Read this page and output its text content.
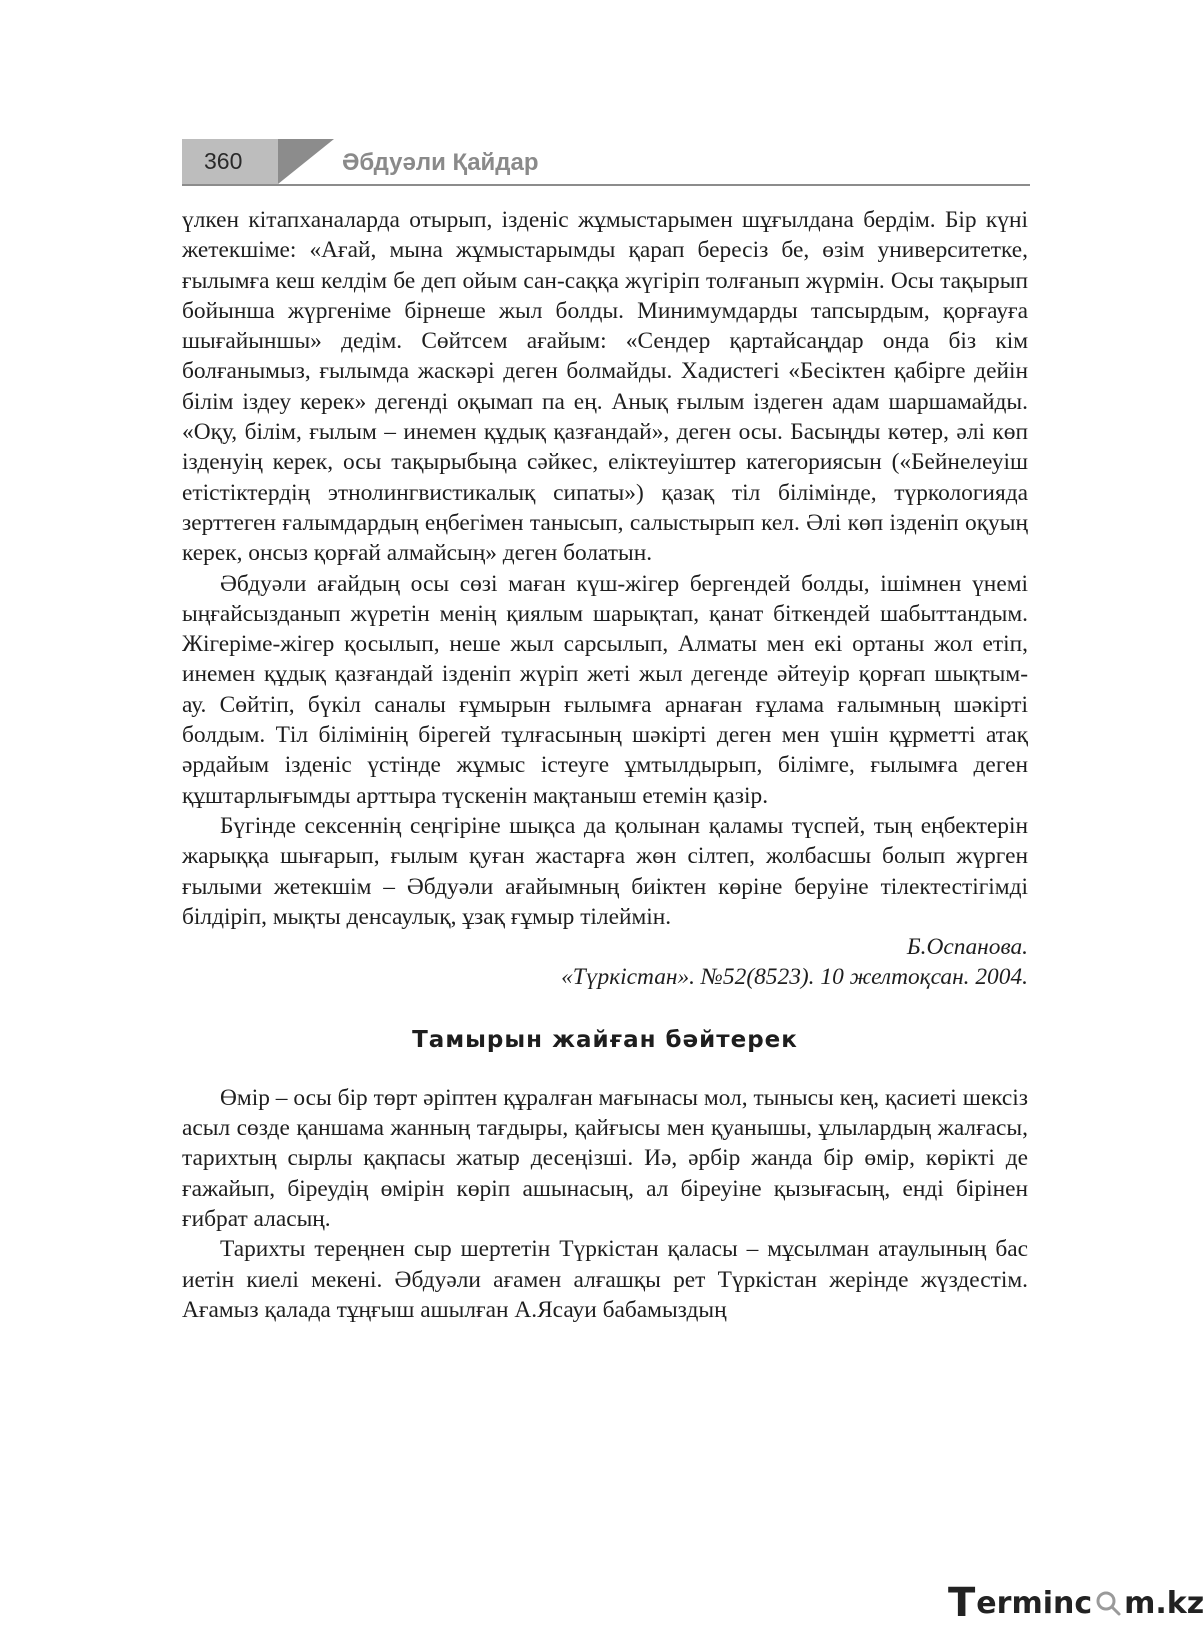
360	Әбдуәли Қайдар

үлкен кітапханаларда отырып, ізденіс жұмыстарымен шұғылдана бердім. Бір күні жетекшіме: «Ағай, мына жұмыстарымды қарап бересіз бе, өзім университетке, ғылымға кеш келдім бе деп ойым сан-саққа жүгіріп толғанып жүрмін. Осы тақырып бойынша жүргеніме бірнеше жыл болды. Минимумдарды тапсырдым, қорғауға шығайыншы» дедім. Сөйтсем ағайым: «Сендер қартайсаңдар онда біз кім болғанымыз, ғылымда жаскәрі деген болмайды. Хадистегі «Бесіктен қабірге дейін білім іздеу керек» дегенді оқымап па ең. Анық ғылым іздеген адам шаршамайды. «Оқу, білім, ғылым – инемен құдық қазғандай», деген осы. Басыңды көтер, әлі көп ізденуің керек, осы тақырыбыңа сәйкес, еліктеуіштер категориясын («Бейнелеуіш етістіктердің этнолингвистикалық сипаты») қазақ тіл білімінде, түркологияда зерттеген ғалымдардың еңбегімен танысып, салыстырып кел. Әлі көп ізденіп оқуың керек, онсыз қорғай алмайсың» деген болатын.

Әбдуәли ағайдың осы сөзі маған күш-жігер бергендей болды, ішімнен үнемі ыңғайсызданып жүретін менің қиялым шарықтап, қанат біткендей шабыттандым. Жігеріме-жігер қосылып, неше жыл сарсылып, Алматы мен екі ортаны жол етіп, инемен құдық қазғандай ізденіп жүріп жеті жыл дегенде әйтеуір қорғап шықтым- ау. Сөйтіп, бүкіл саналы ғұмырын ғылымға арнаған ғұлама ғалымның шәкірті болдым. Тіл білімінің бірегей тұлғасының шәкірті деген мен үшін құрметті атақ әрдайым ізденіс үстінде жұмыс істеуге ұмтылдырып, білімге, ғылымға деген құштарлығымды арттыра түскенін мақтаныш етемін қазір.

Бүгінде сексеннің сеңгіріне шықса да қолынан қаламы түспей, тың еңбектерін жарыққа шығарып, ғылым қуған жастарға жөн сілтеп, жолбасшы болып жүрген ғылыми жетекшім – Әбдуәли ағайымның биіктен көріне беруіне тілектестігімді білдіріп, мықты денсаулық, ұзақ ғұмыр тілеймін.

Б.Оспанова.

«Түркістан». №52(8523). 10 желтоқсан. 2004.

Тамырын жайған бәйтерек

Өмір – осы бір төрт әріптен құралған мағынасы мол, тынысы кең, қасиеті шексіз асыл сөзде қаншама жанның тағдыры, қайғысы мен қуанышы, ұлылардың жалғасы, тарихтың сырлы қақпасы жатыр десеңізші. Иә, әрбір жанда бір өмір, көрікті де ғажайып, біреудің өмірін көріп ашынасың, ал біреуіне қызығасың, енді бірінен ғибрат аласың.

Тарихты тереңнен сыр шертетін Түркістан қаласы – мұсылман атаулының бас иетін киелі мекені. Әбдуәли ағамен алғашқы рет Түркістан жерінде жүздестім. Ағамыз қалада тұңғыш ашылған А.Ясауи бабамыздың

T erminc m.kz
